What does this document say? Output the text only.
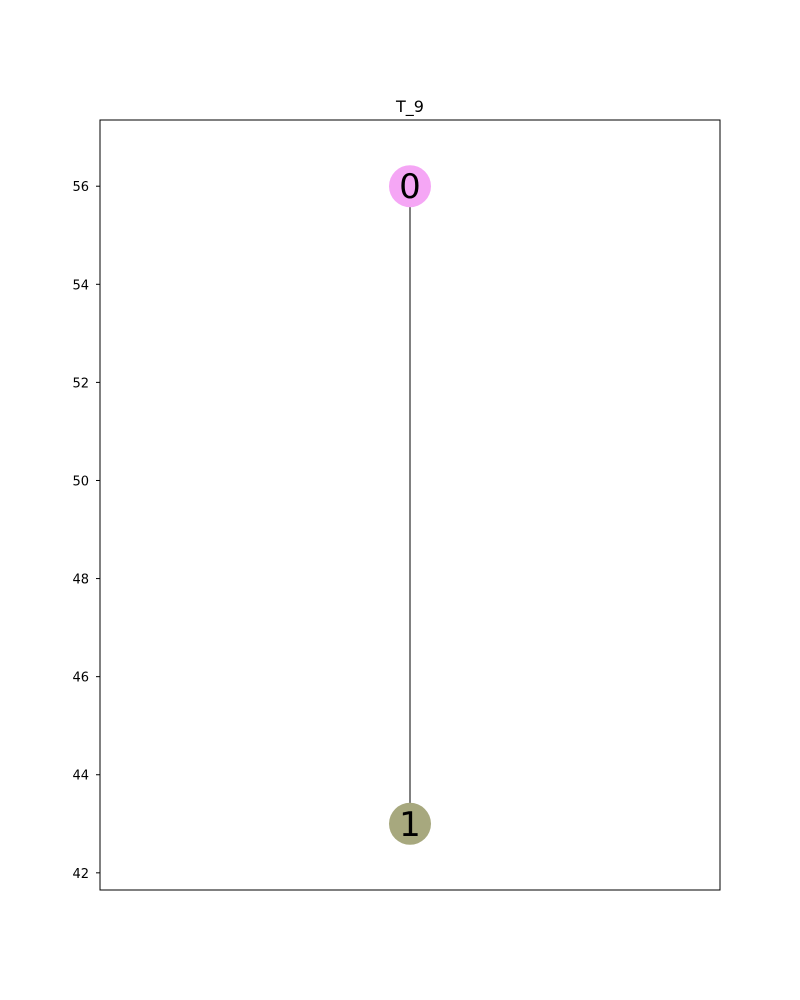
T_9
42
44
46
48
50
52
54
56	0
1
